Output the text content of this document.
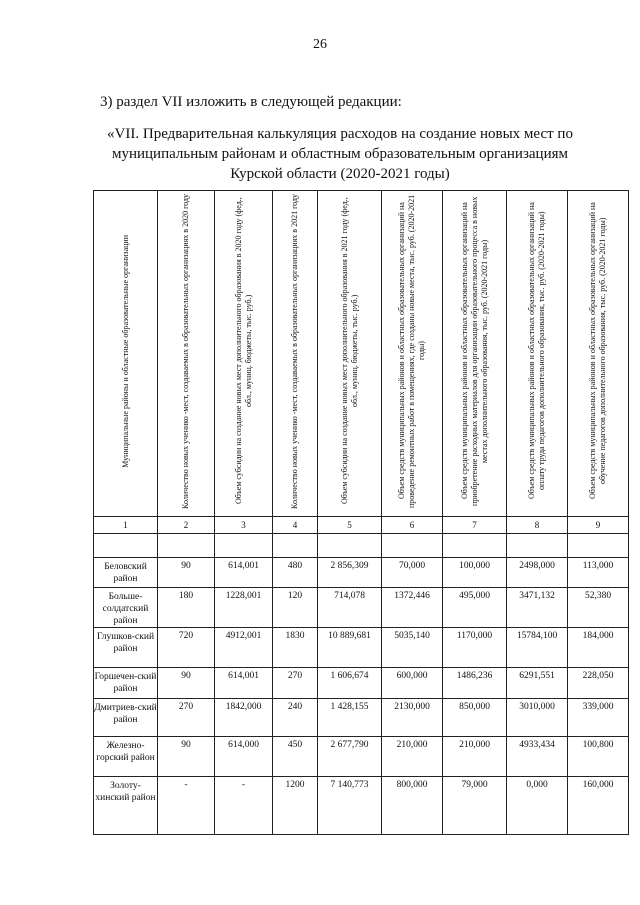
26
3) раздел VII изложить в следующей редакции:
«VII. Предварительная калькуляция расходов на создание новых мест по
муниципальным районам и областным образовательным организациям
Курской области (2020-2021 годы)
Муниципальные районы и областные образовательные организации	Количество новых ученико -мест, создаваемых в образовательных организациях в 2020 году	Объем субсидии на создание новых мест дополнительного образования в 2020 году (фед., обл., муниц. бюджеты, тыс. руб.)	Количество новых ученико -мест, создаваемых в образовательных организациях в 2021 году	Объем субсидии на создание новых мест дополнительного образования в 2021 году (фед., обл., муниц. бюджеты, тыс. руб.)	Объем средств муниципальных районов и областных образовательных организаций на проведение ремонтных работ в помещениях, где созданы новые места, тыс. руб. (2020-2021 годы)	Объем средств муниципальных районов и областных образовательных организаций на приобретение расходных материалов для организации образовательного процесса в новых местах дополнительного образования, тыс. руб. (2020-2021 годы)	Объем средств муниципальных районов и областных образовательных организаций на оплату труда педагогов дополнительного образования, тыс. руб. (2020-2021 годы)	Объем средств муниципальных районов и областных образовательных организаций на обучение педагогов дополнительного образования, тыс. руб. (2020-2021 годы)
1	2	3	4	5	6	7	8	9

Беловский район	90	614,001	480	2 856,309	70,000	100,000	2498,000	113,000
Больше-солдатский район	180	1228,001	120	714,078	1372,446	495,000	3471,132	52,380
Глушков-ский район	720	4912,001	1830	10 889,681	5035,140	1170,000	15784,100	184,000
Горшечен-ский район	90	614,001	270	1 606,674	600,000	1486,236	6291,551	228,050
Дмитриев-ский район	270	1842,000	240	1 428,155	2130,000	850,000	3010,000	339,000
Железно-горский район	90	614,000	450	2 677,790	210,000	210,000	4933,434	100,800
Золоту-хинский район	-	-	1200	7 140,773	800,000	79,000	0,000	160,000
